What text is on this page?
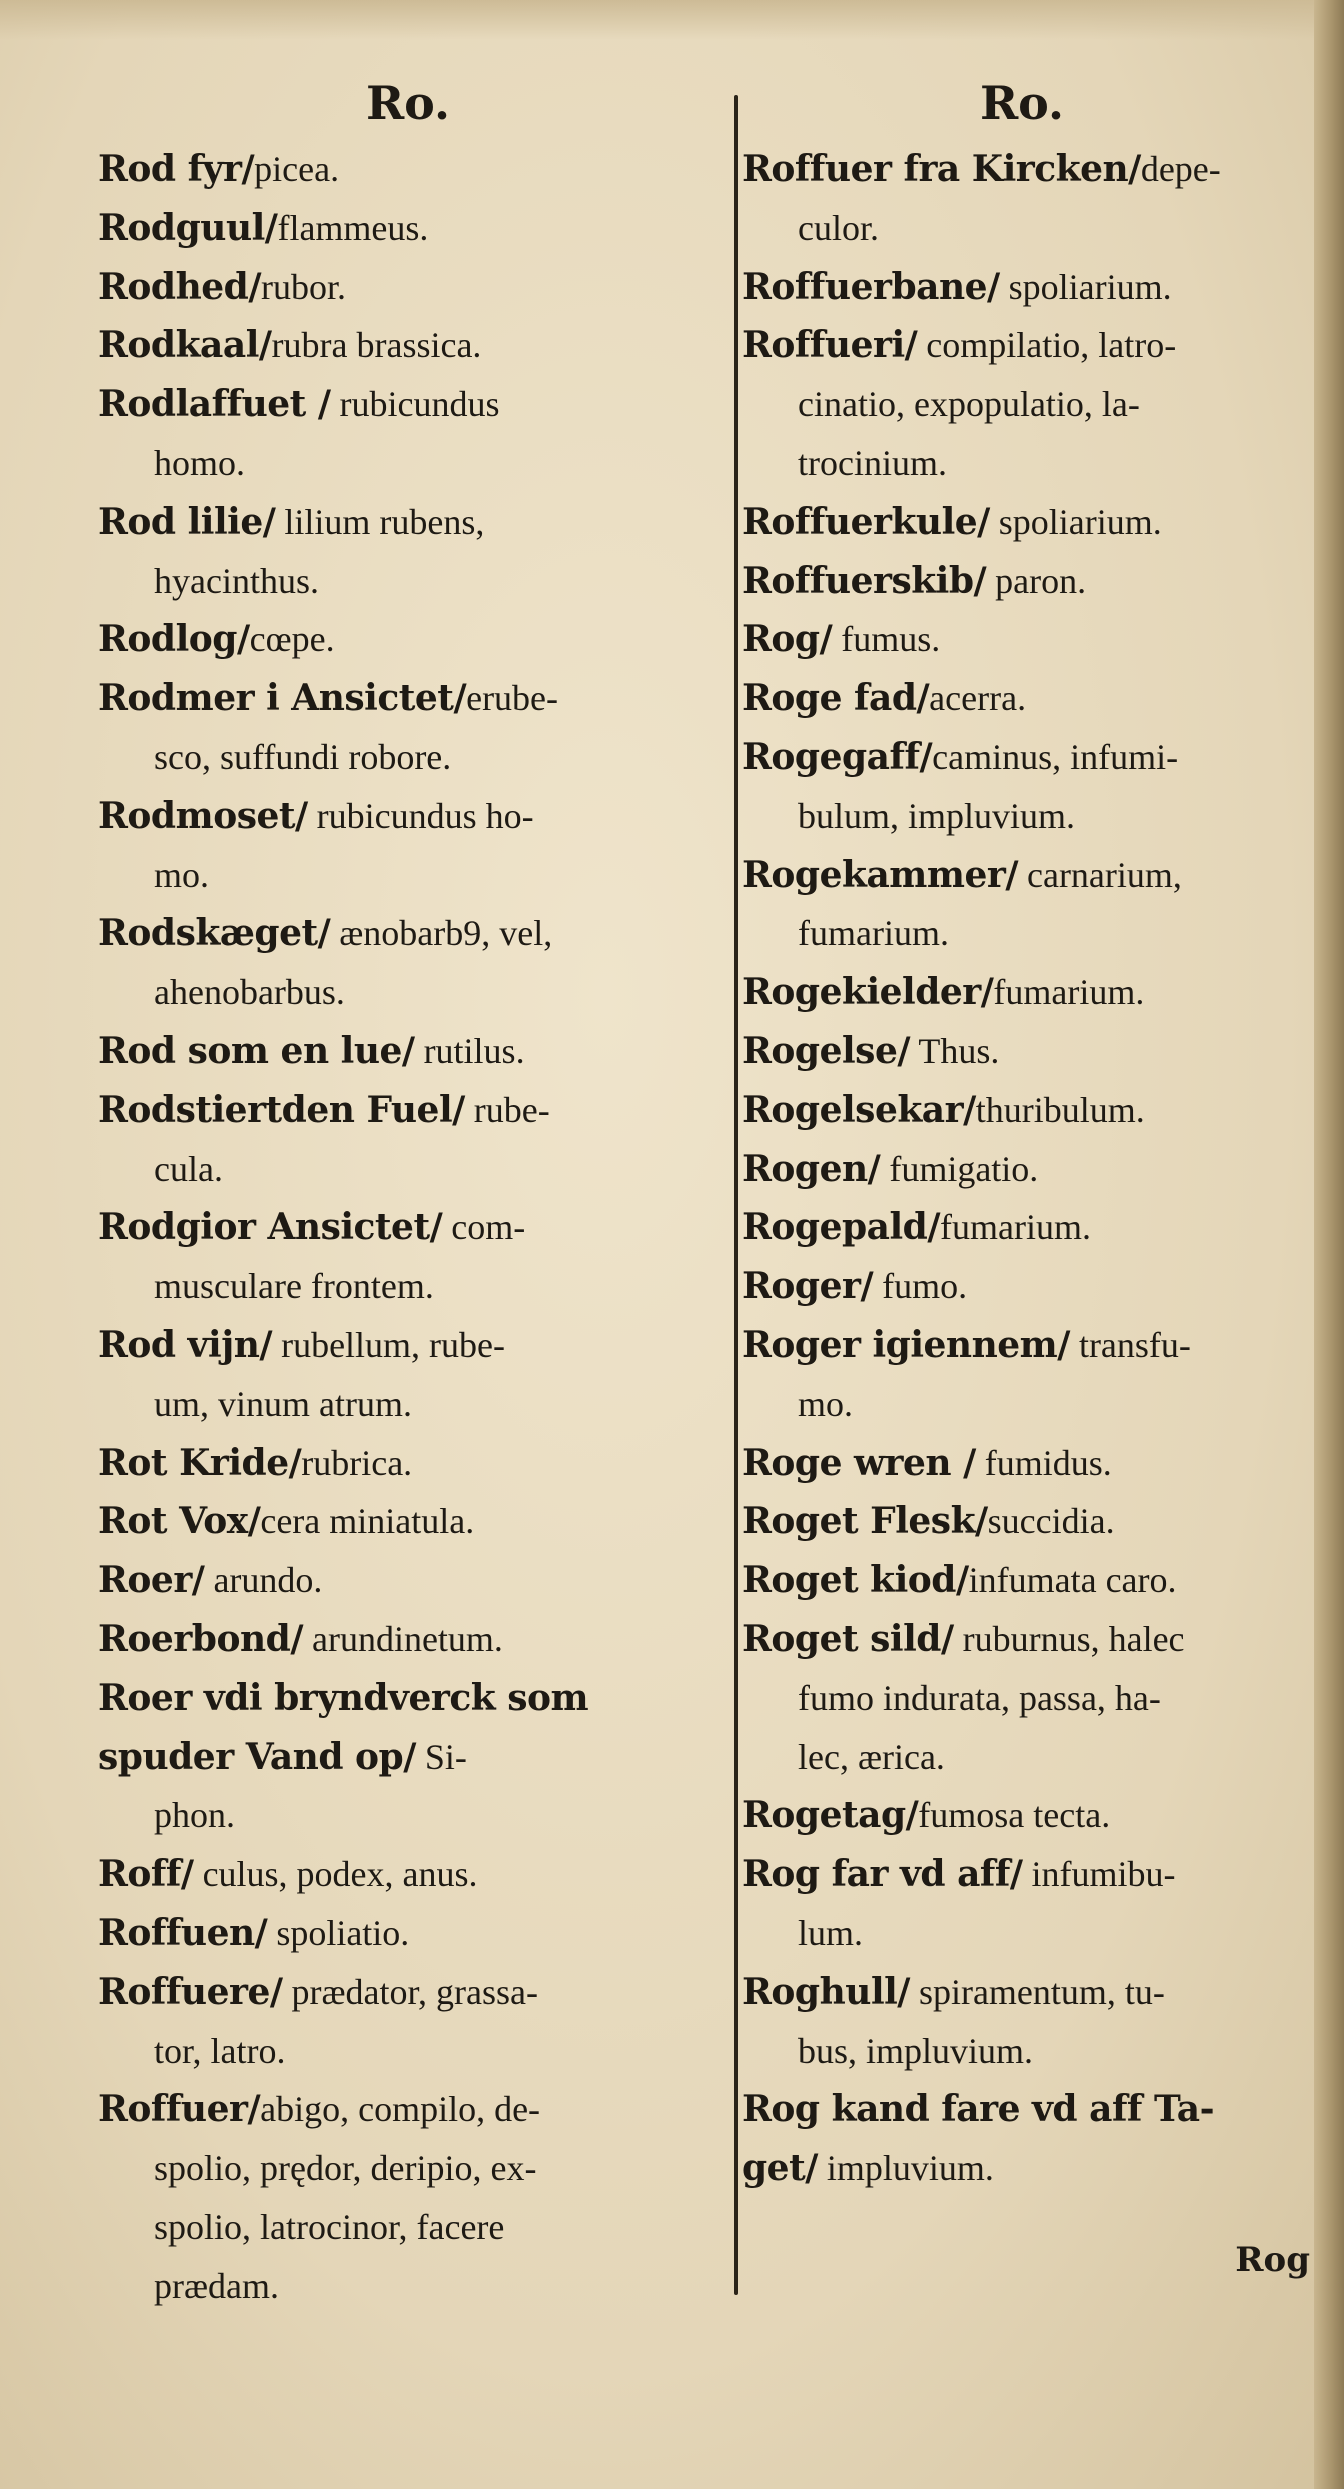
Ro.
Rod fyr/picea.
Rodguul/flammeus.
Rodhed/rubor.
Rodkaal/rubra brassica.
Rodlaffuet / rubicundus
homo.
Rod lilie/ lilium rubens,
hyacinthus.
Rodlog/cœpe.
Rodmer i Ansictet/erube-
sco, suffundi robore.
Rodmoset/ rubicundus ho-
mo.
Rodskæget/ ænobarb9, vel,
ahenobarbus.
Rod som en lue/ rutilus.
Rodstiertden Fuel/ rube-
cula.
Rodgior Ansictet/ com-
musculare frontem.
Rod vijn/ rubellum, rube-
um, vinum atrum.
Rot Kride/rubrica.
Rot Vox/cera miniatula.
Roer/ arundo.
Roerbond/ arundinetum.
Roer vdi bryndverck som
spuder Vand op/ Si-
phon.
Roff/ culus, podex, anus.
Roffuen/ spoliatio.
Roffuere/ prædator, grassa-
tor, latro.
Roffuer/abigo, compilo, de-
spolio, prędor, deripio, ex-
spolio, latrocinor, facere
prædam.
Ro.
Roffuer fra Kircken/depe-
culor.
Roffuerbane/ spoliarium.
Roffueri/ compilatio, latro-
cinatio, expopulatio, la-
trocinium.
Roffuerkule/ spoliarium.
Roffuerskib/ paron.
Rog/ fumus.
Roge fad/acerra.
Rogegaff/caminus, infumi-
bulum, impluvium.
Rogekammer/ carnarium,
fumarium.
Rogekielder/fumarium.
Rogelse/ Thus.
Rogelsekar/thuribulum.
Rogen/ fumigatio.
Rogepald/fumarium.
Roger/ fumo.
Roger igiennem/ transfu-
mo.
Roge wren / fumidus.
Roget Flesk/succidia.
Roget kiod/infumata caro.
Roget sild/ ruburnus, halec
fumo indurata, passa, ha-
lec, ærica.
Rogetag/fumosa tecta.
Rog far vd aff/ infumibu-
lum.
Roghull/ spiramentum, tu-
bus, impluvium.
Rog kand fare vd aff Ta-
get/ impluvium.
Rog
